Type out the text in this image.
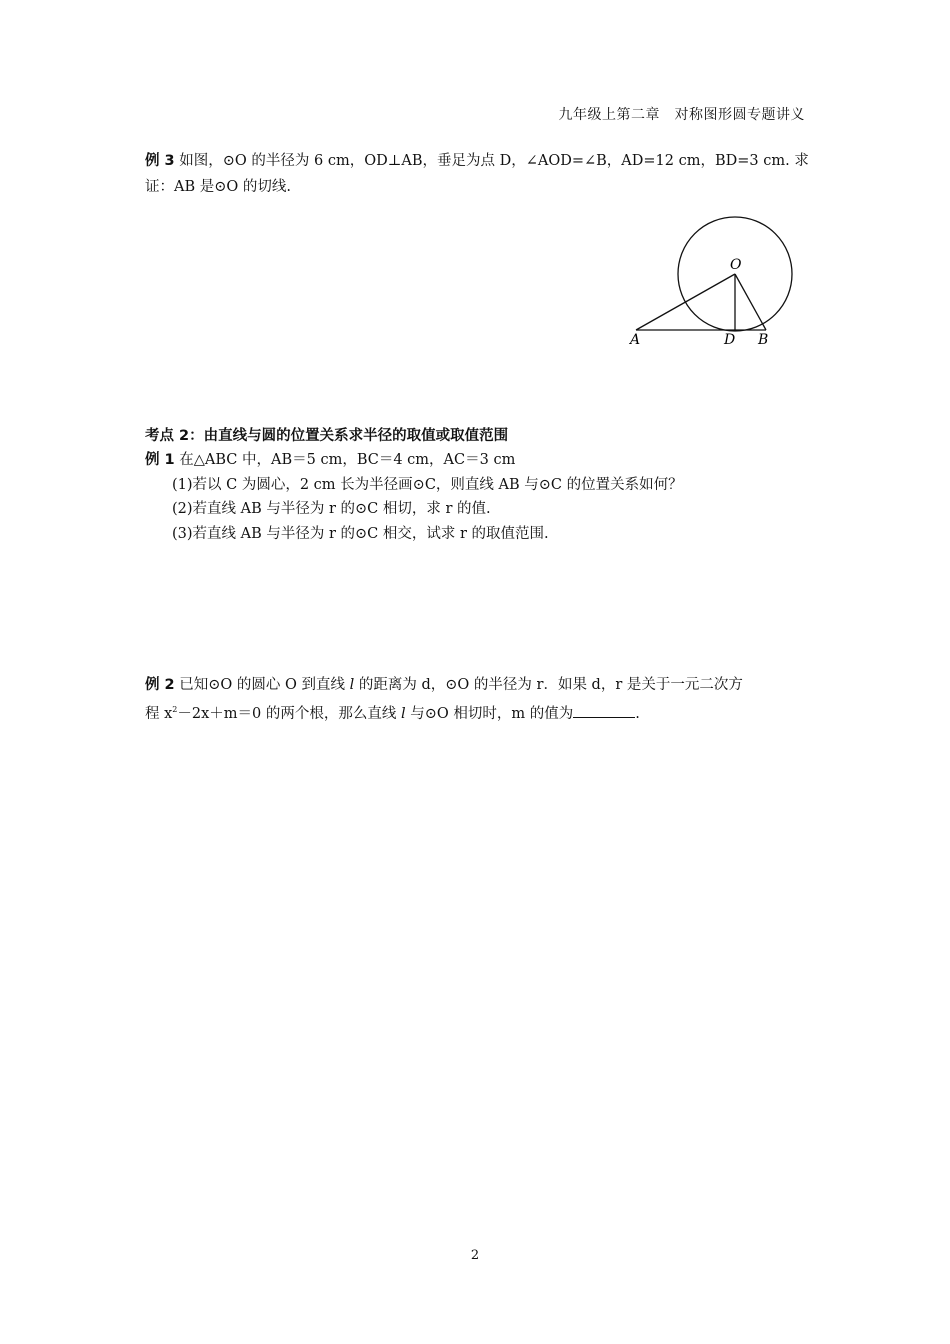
九年级上第二章　对称图形圆专题讲义
例 3 如图，⊙O 的半径为 6 cm，OD⊥AB，垂足为点 D，∠AOD=∠B，AD=12 cm，BD=3 cm. 求
证：AB 是⊙O 的切线.
O
A	D B
考点 2：由直线与圆的位置关系求半径的取值或取值范围
例 1 在△ABC 中，AB＝5 cm，BC＝4 cm，AC＝3 cm
(1)若以 C 为圆心，2 cm 长为半径画⊙C，则直线 AB 与⊙C 的位置关系如何？
(2)若直线 AB 与半径为 r 的⊙C 相切，求 r 的值.
(3)若直线 AB 与半径为 r 的⊙C 相交，试求 r 的取值范围.
例 2 已知⊙O 的圆心 O 到直线 l 的距离为 d，⊙O 的半径为 r．如果 d，r 是关于一元二次方
程 $x^2-2x+m=0$ 的两个根，那么直线 l 与⊙O 相切时，m 的值为	.
2
